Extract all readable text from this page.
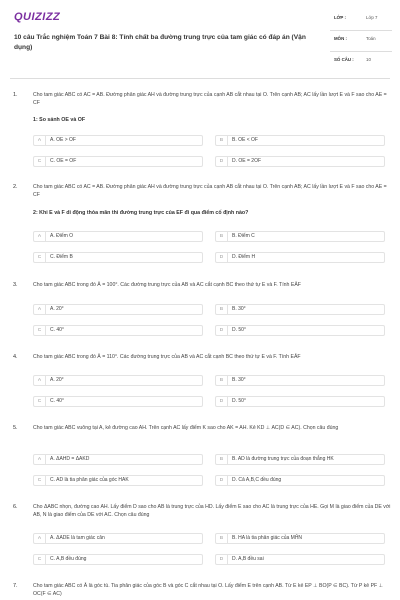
QUIZIZZ
10 câu Trắc nghiệm Toán 7 Bài 8: Tính chất ba đường trung trực của tam giác có đáp án (Vận dụng)
LỚP :	Lớp 7
MÔN :	Toán
SỐ CÂU :	10
1.	Cho tam giác ABC có AC = AB. Đường phân giác AH và đường trung trực của cạnh AB cắt nhau tại O. Trên cạnh AB; AC lấy lần lượt E và F sao cho AE = CF
1: So sánh OE và OF
A	A. OE > OF	B	B. OE < OF
C	C. OE = OF	D	D. OE = 2OF
2.	Cho tam giác ABC có AC = AB. Đường phân giác AH và đường trung trực của cạnh AB cắt nhau tại O. Trên cạnh AB; AC lấy lần lượt E và F sao cho AE = CF
2: Khi E và F di động thỏa mãn thì đường trung trực của EF đi qua điểm cố định nào?
A	A. Điểm O	B	B. Điểm C
C	C. Điểm B	D	D. Điểm H
3.	Cho tam giác ABC trong đó Â = 100°. Các đường trung trực của AB và AC cắt cạnh BC theo thứ tự E và F. Tính EÂF
A	A. 20°	B	B. 30°
C	C. 40°	D	D. 50°
4.	Cho tam giác ABC trong đó Â = 110°. Các đường trung trực của AB và AC cắt cạnh BC theo thứ tự E và F. Tính EÂF
A	A. 20°	B	B. 30°
C	C. 40°	D	D. 50°
5.	Cho tam giác ABC vuông tại A, kẻ đường cao AH. Trên cạnh AC lấy điểm K sao cho AK = AH. Kẻ KD ⊥ AC(D ∈ AC). Chọn câu đúng
A	A. ΔAHD = ΔAKD	B	B. AD là đường trung trực của đoạn thẳng HK
C	C. AD là tia phân giác của góc HAK	D	D. Cả A,B,C đều đúng
6.	Cho ΔABC nhọn, đường cao AH. Lấy điểm D sao cho AB là trung trực của HD. Lấy điểm E sao cho AC là trung trực của HE. Gọi M là giao điểm của DE với AB, N là giao điểm của DE với AC. Chọn câu đúng
A	A. ΔADE là tam giác cân	B	B. HA là tia phân giác của MĤN
C	C. A,B đều đúng	D	D. A,B đều sai
7.	Cho tam giác ABC có Â là góc tù. Tia phân giác của góc B và góc C cắt nhau tại O. Lấy điểm E trên cạnh AB. Từ E kẻ EP ⊥ BO(P ∈ BC). Từ P kẻ PF ⊥ OC(F ∈ AC)
